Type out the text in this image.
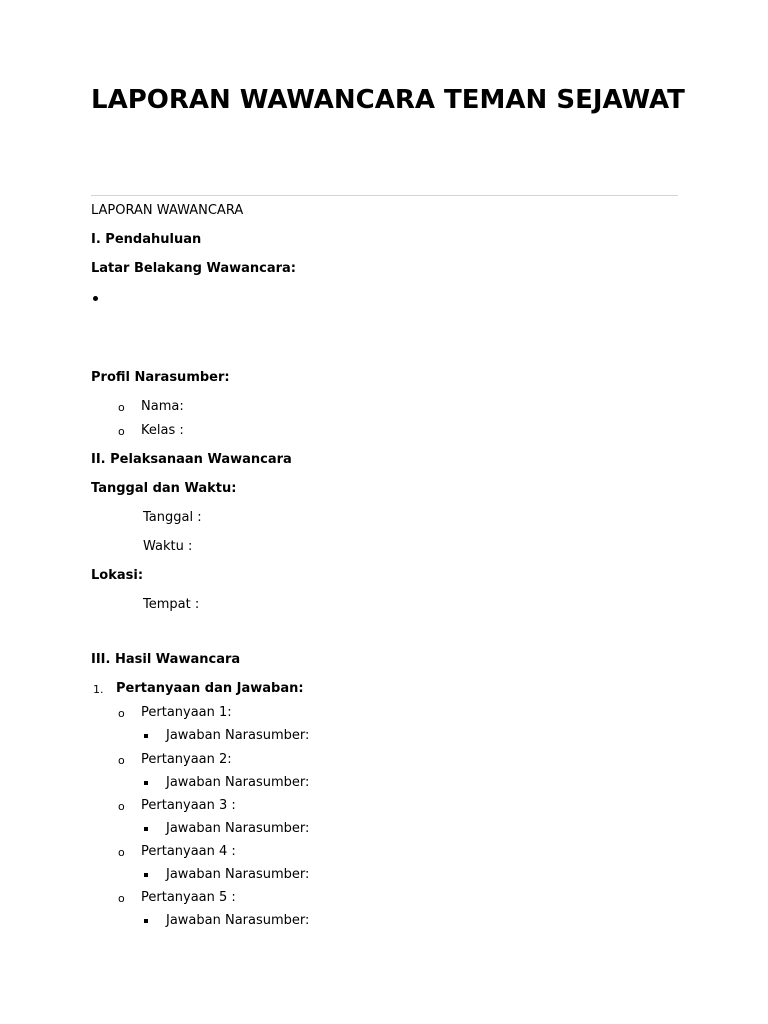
LAPORAN WAWANCARA TEMAN SEJAWAT
LAPORAN WAWANCARA
I. Pendahuluan
Latar Belakang Wawancara:
Profil Narasumber:
o Nama:
o Kelas :
II. Pelaksanaan Wawancara
Tanggal dan Waktu:
Tanggal :
Waktu :
Lokasi:
Tempat :
III. Hasil Wawancara
1. Pertanyaan dan Jawaban:
o Pertanyaan 1:
Jawaban Narasumber:
o Pertanyaan 2:
Jawaban Narasumber:
o Pertanyaan 3 :
Jawaban Narasumber:
o Pertanyaan 4 :
Jawaban Narasumber:
o Pertanyaan 5 :
Jawaban Narasumber:
